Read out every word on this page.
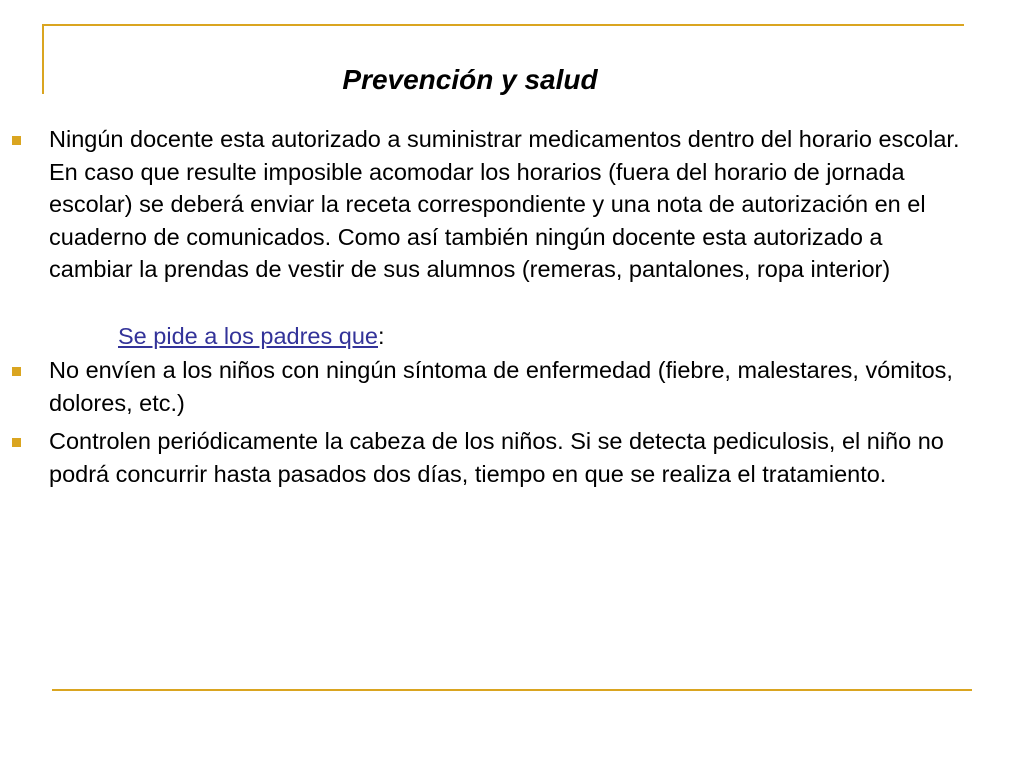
Prevención y salud

Ningún docente esta autorizado a suministrar medicamentos dentro del horario escolar. En caso que resulte imposible acomodar los horarios (fuera del horario de jornada escolar) se deberá enviar la receta correspondiente y una nota de autorización en el cuaderno de comunicados. Como así también ningún docente esta autorizado a cambiar la prendas de vestir de sus alumnos (remeras, pantalones, ropa interior)

Se pide a los padres que:

No envíen a los niños con ningún síntoma de enfermedad (fiebre, malestares, vómitos, dolores, etc.)

Controlen periódicamente la cabeza de los niños. Si se detecta pediculosis, el niño no podrá concurrir hasta pasados dos días, tiempo en que se realiza el tratamiento.
